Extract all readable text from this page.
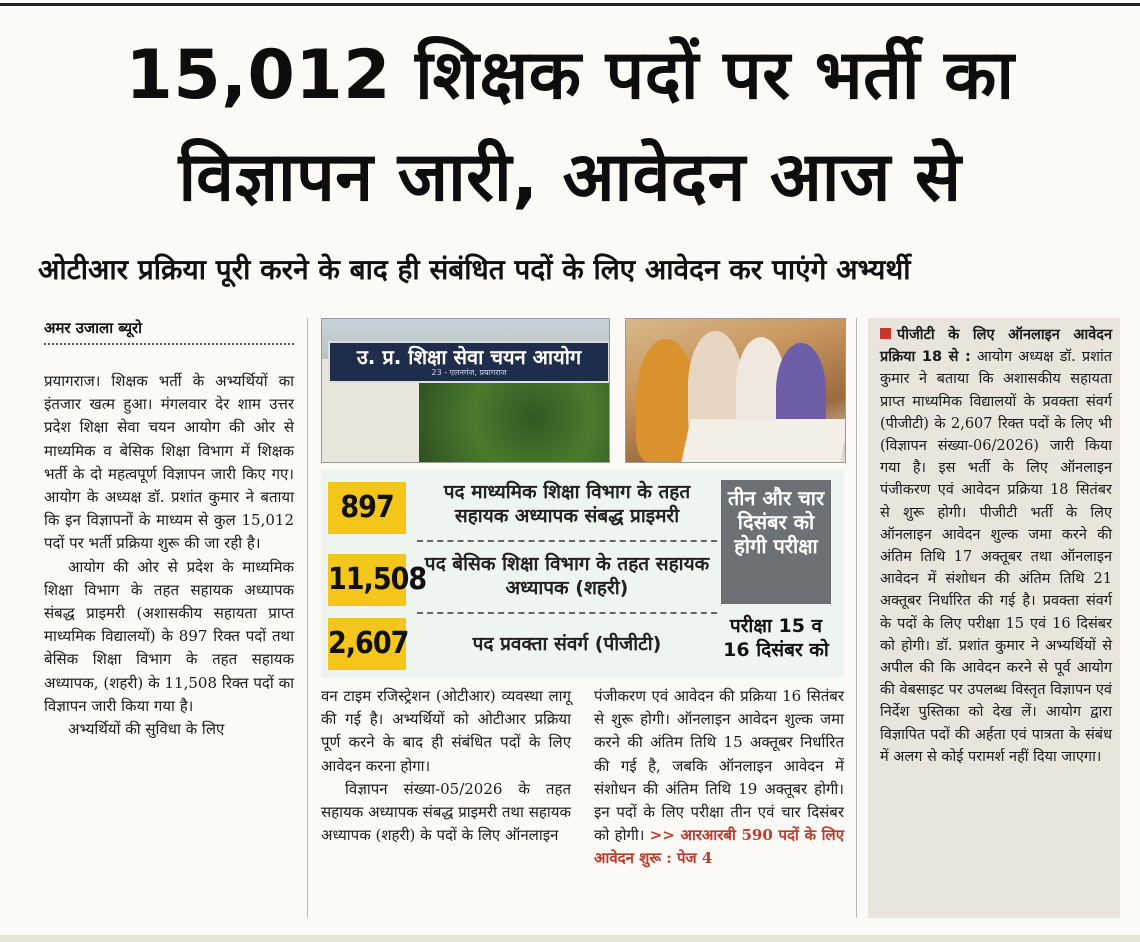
15,012 शिक्षक पदों पर भर्ती का
विज्ञापन जारी, आवेदन आज से
ओटीआर प्रक्रिया पूरी करने के बाद ही संबंधित पदों के लिए आवेदन कर पाएंगे अभ्यर्थी
अमर उजाला ब्यूरो

प्रयागराज। शिक्षक भर्ती के अभ्यर्थियों का इंतजार खत्म हुआ। मंगलवार देर शाम उत्तर प्रदेश शिक्षा सेवा चयन आयोग की ओर से माध्यमिक व बेसिक शिक्षा विभाग में शिक्षक भर्ती के दो महत्वपूर्ण विज्ञापन जारी किए गए। आयोग के अध्यक्ष डॉ. प्रशांत कुमार ने बताया कि इन विज्ञापनों के माध्यम से कुल 15,012 पदों पर भर्ती प्रक्रिया शुरू की जा रही है।

आयोग की ओर से प्रदेश के माध्यमिक शिक्षा विभाग के तहत सहायक अध्यापक संबद्ध प्राइमरी (अशासकीय सहायता प्राप्त माध्यमिक विद्यालयों) के 897 रिक्त पदों तथा बेसिक शिक्षा विभाग के तहत सहायक अध्यापक, (शहरी) के 11,508 रिक्त पदों का विज्ञापन जारी किया गया है।

अभ्यर्थियों की सुविधा के लिए

उ. प्र. शिक्षा सेवा चयन आयोग
23 - एलनगंज, प्रयागराज
897	पद माध्यमिक शिक्षा विभाग के तहत सहायक अध्यापक संबद्ध प्राइमरी
11,508
पद बेसिक शिक्षा विभाग के तहत सहायक अध्यापक (शहरी)
2,607	पद प्रवक्ता संवर्ग (पीजीटी)
तीन और चार दिसंबर को होगी परीक्षा
परीक्षा 15 व 16 दिसंबर को

वन टाइम रजिस्ट्रेशन (ओटीआर) व्यवस्था लागू की गई है। अभ्यर्थियों को ओटीआर प्रक्रिया पूर्ण करने के बाद ही संबंधित पदों के लिए आवेदन करना होगा।

विज्ञापन संख्या-05/2026 के तहत सहायक अध्यापक संबद्ध प्राइमरी तथा सहायक अध्यापक (शहरी) के पदों के लिए ऑनलाइन

पंजीकरण एवं आवेदन की प्रक्रिया 16 सितंबर से शुरू होगी। ऑनलाइन आवेदन शुल्क जमा करने की अंतिम तिथि 15 अक्तूबर निर्धारित की गई है, जबकि ऑनलाइन आवेदन में संशोधन की अंतिम तिथि 19 अक्तूबर होगी। इन पदों के लिए परीक्षा तीन एवं चार दिसंबर को होगी। >> आरआरबी 590 पदों के लिए आवेदन शुरू : पेज 4

पीजीटी के लिए ऑनलाइन आवेदन प्रक्रिया 18 से : आयोग अध्यक्ष डॉ. प्रशांत कुमार ने बताया कि अशासकीय सहायता प्राप्त माध्यमिक विद्यालयों के प्रवक्ता संवर्ग (पीजीटी) के 2,607 रिक्त पदों के लिए भी (विज्ञापन संख्या-06/2026) जारी किया गया है। इस भर्ती के लिए ऑनलाइन पंजीकरण एवं आवेदन प्रक्रिया 18 सितंबर से शुरू होगी। पीजीटी भर्ती के लिए ऑनलाइन आवेदन शुल्क जमा करने की अंतिम तिथि 17 अक्तूबर तथा ऑनलाइन आवेदन में संशोधन की अंतिम तिथि 21 अक्तूबर निर्धारित की गई है। प्रवक्ता संवर्ग के पदों के लिए परीक्षा 15 एवं 16 दिसंबर को होगी। डॉ. प्रशांत कुमार ने अभ्यर्थियों से अपील की कि आवेदन करने से पूर्व आयोग की वेबसाइट पर उपलब्ध विस्तृत विज्ञापन एवं निर्देश पुस्तिका को देख लें। आयोग द्वारा विज्ञापित पदों की अर्हता एवं पात्रता के संबंध में अलग से कोई परामर्श नहीं दिया जाएगा।
